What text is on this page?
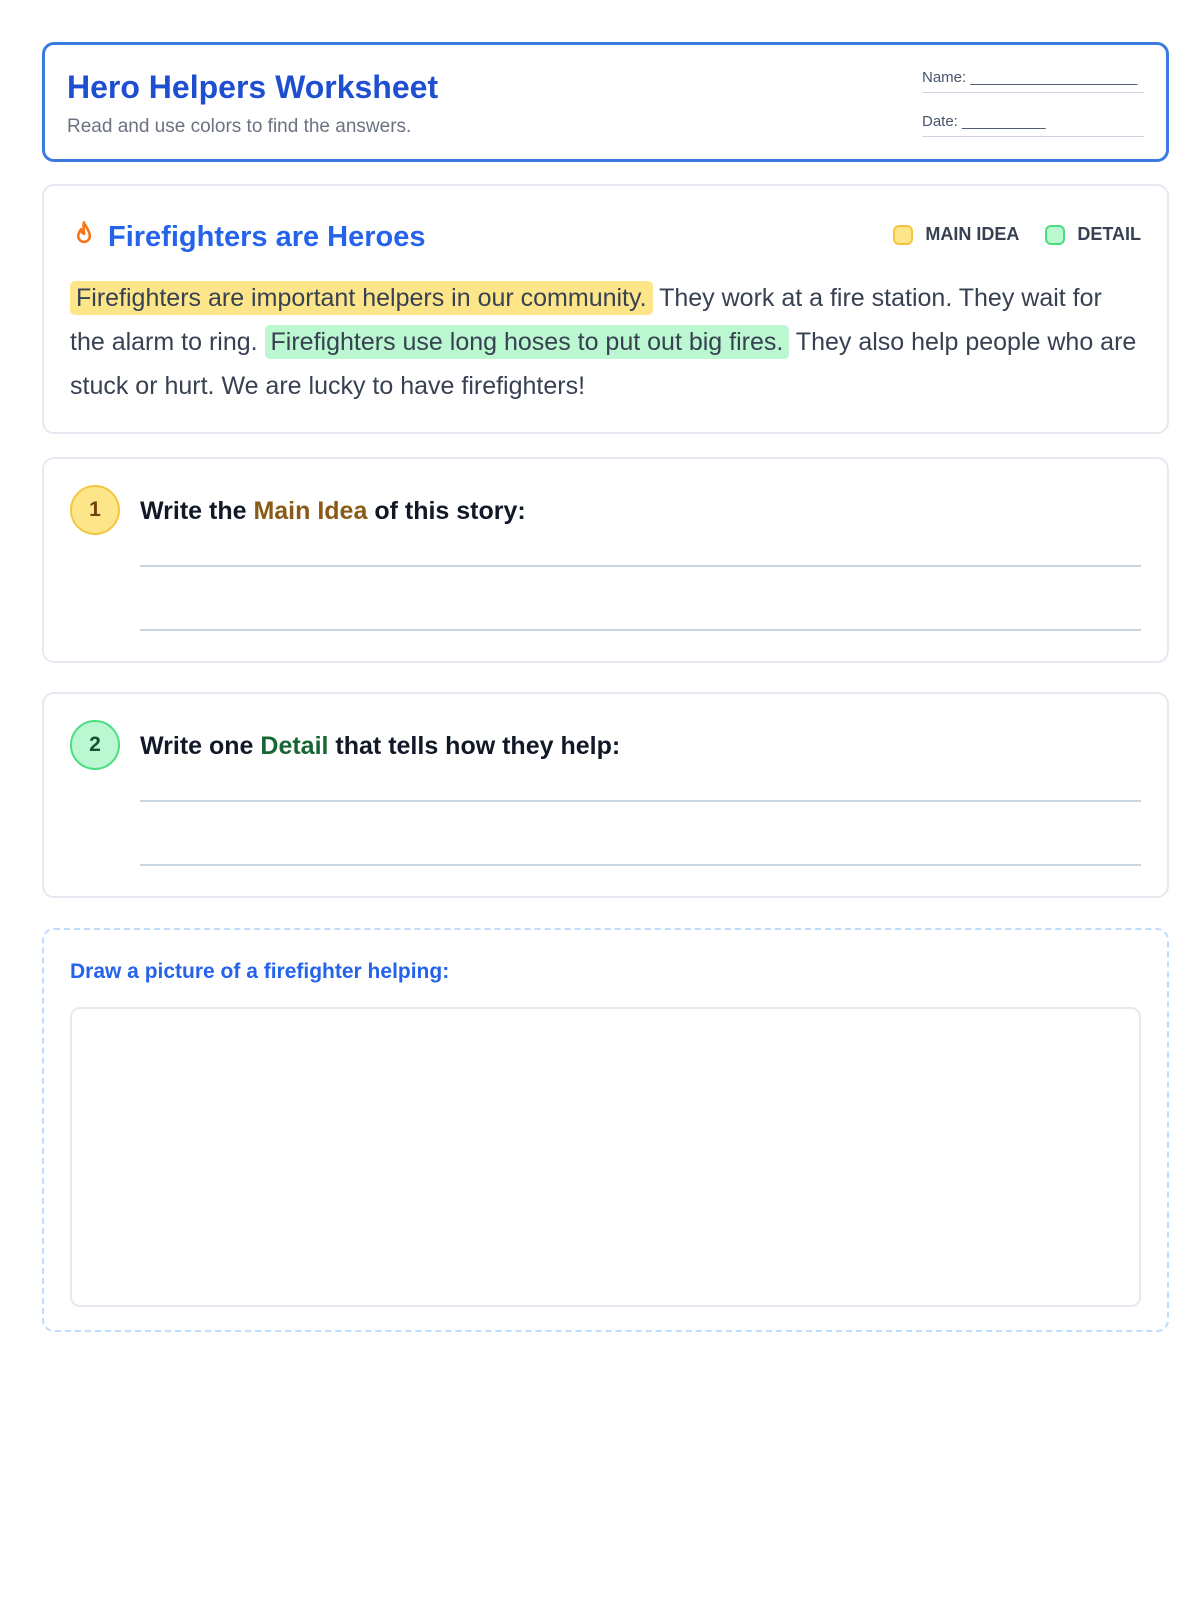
Hero Helpers Worksheet
Read and use colors to find the answers.
Name: ____________________
Date: __________
Firefighters are Heroes	MAIN IDEA	DETAIL

Firefighters are important helpers in our community. They work at a fire station. They wait for the alarm to ring. Firefighters use long hoses to put out big fires. They also help people who are stuck or hurt. We are lucky to have firefighters!

1	Write the Main Idea of this story:
2	Write one Detail that tells how they help:
Draw a picture of a firefighter helping:
